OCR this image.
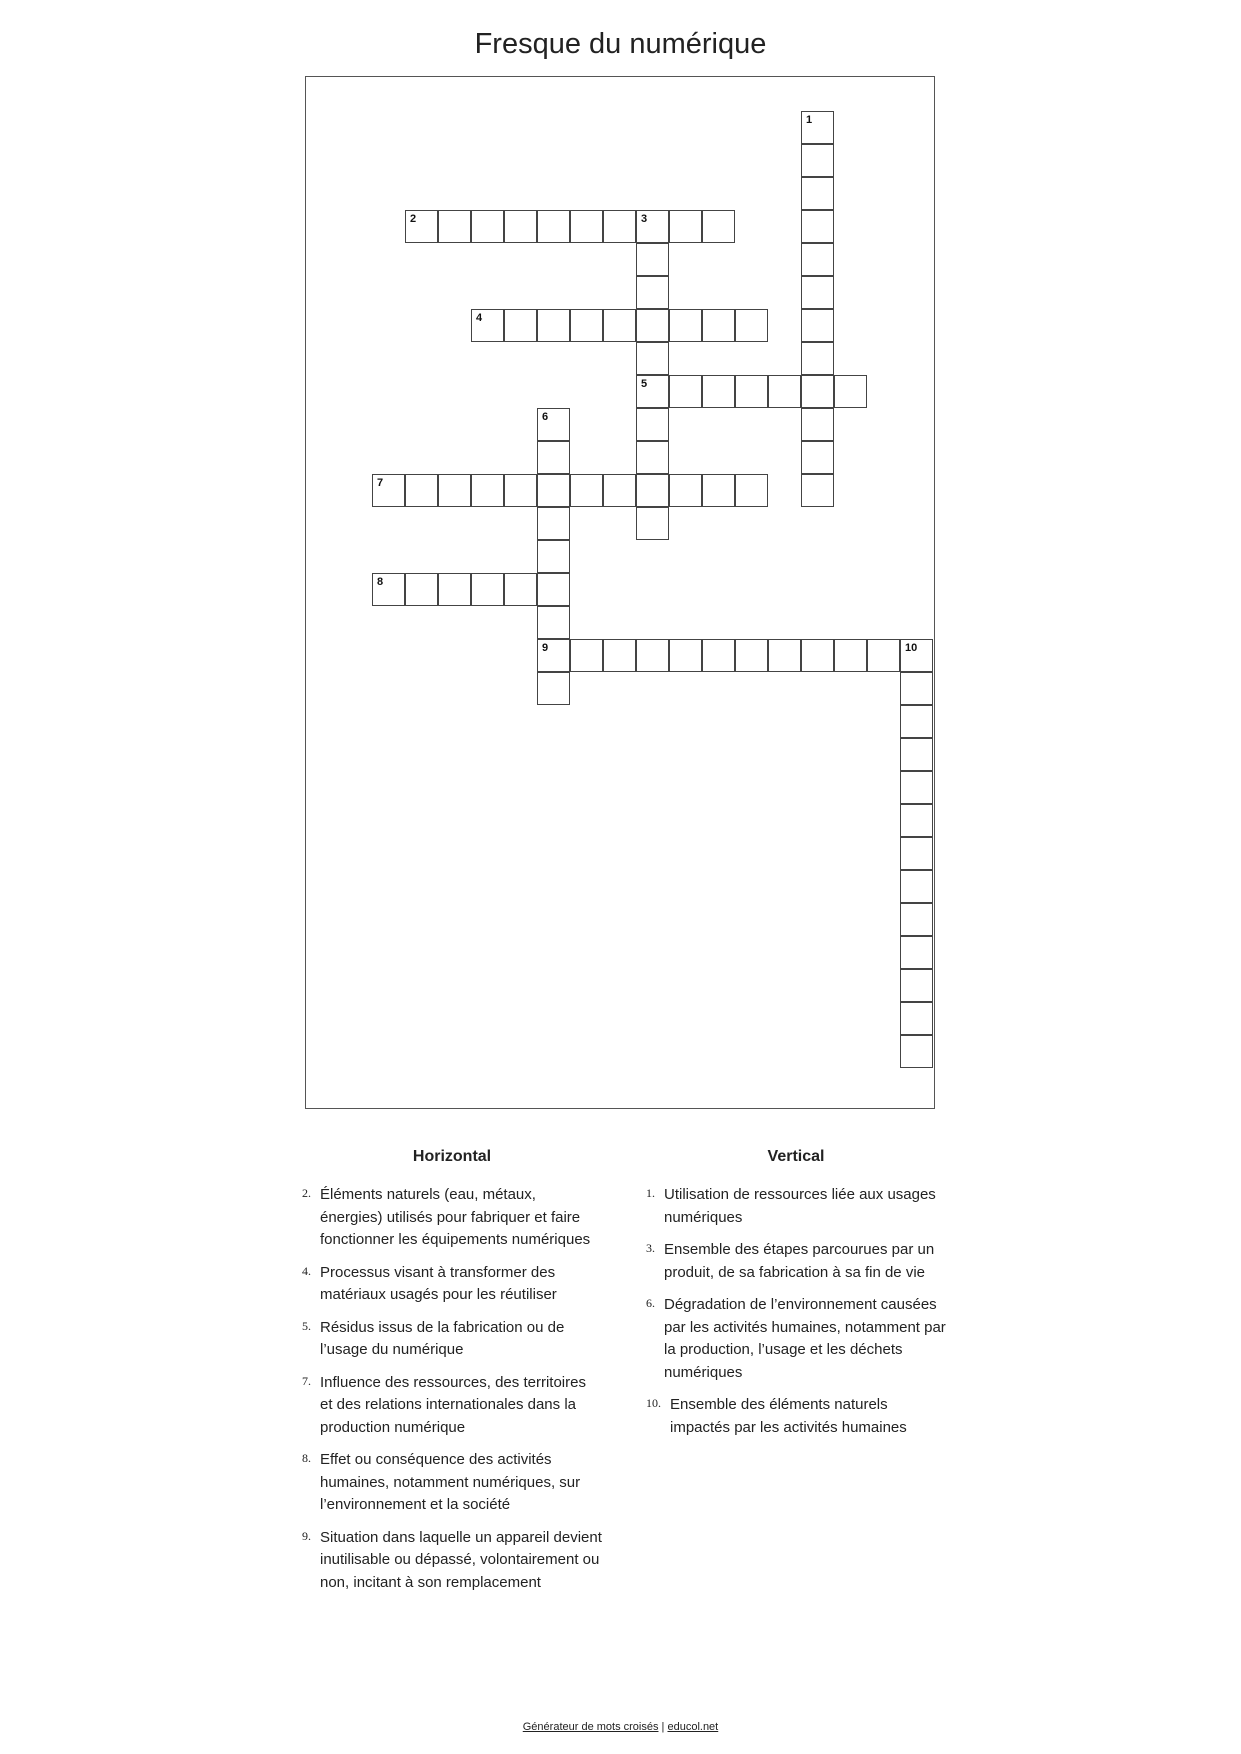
Fresque du numérique
1
2	3
5
4
6
9
7
8
10
Horizontal
2. Éléments naturels (eau, métaux, énergies) utilisés pour fabriquer et faire fonctionner les équipements numériques
4. Processus visant à transformer des matériaux usagés pour les réutiliser
5. Résidus issus de la fabrication ou de l’usage du numérique
7. Influence des ressources, des territoires et des relations internationales dans la production numérique
8. Effet ou conséquence des activités humaines, notamment numériques, sur l’environnement et la société
9. Situation dans laquelle un appareil devient inutilisable ou dépassé, volontairement ou non, incitant à son remplacement
Vertical
1. Utilisation de ressources liée aux usages numériques
3. Ensemble des étapes parcourues par un produit, de sa fabrication à sa fin de vie
6. Dégradation de l’environnement causées par les activités humaines, notamment par la production, l’usage et les déchets numériques
10. Ensemble des éléments naturels impactés par les activités humaines
Générateur de mots croisés | educol.net
